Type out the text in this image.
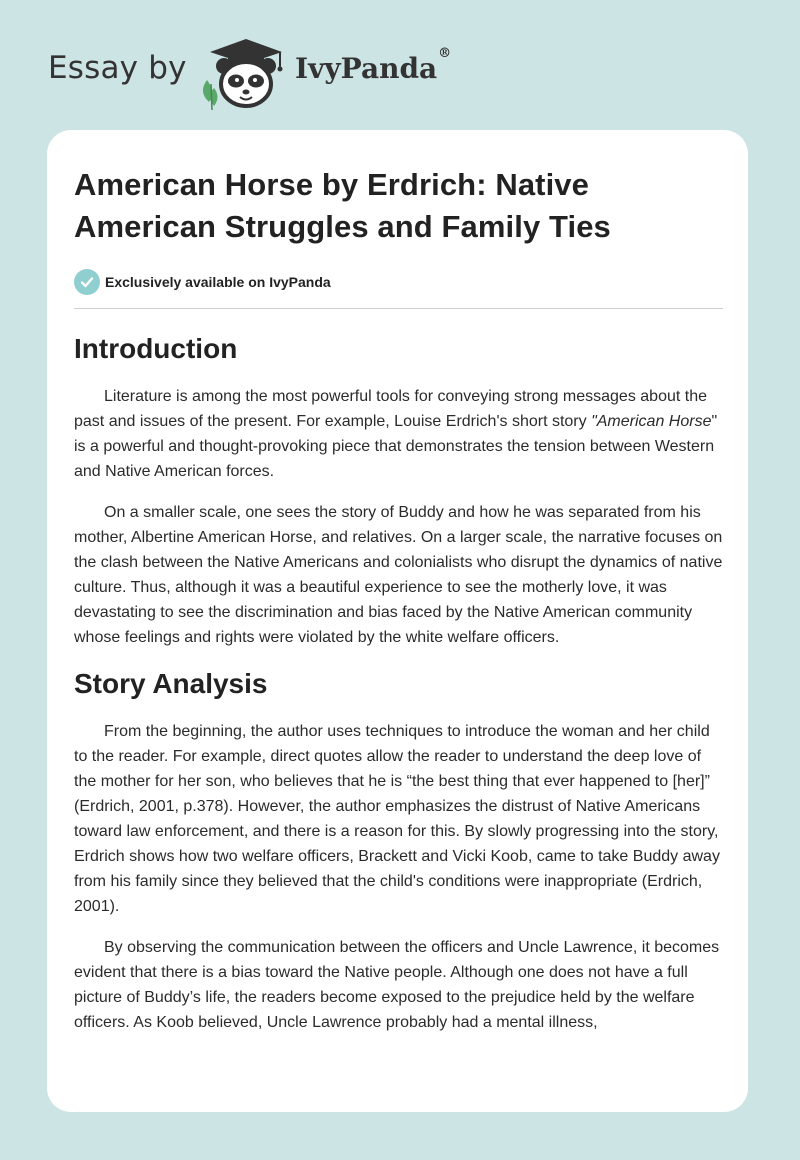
Essay by	IvyPanda®
American Horse by Erdrich: Native American Struggles and Family Ties
Exclusively available on IvyPanda
Introduction

Literature is among the most powerful tools for conveying strong messages about the past and issues of the present. For example, Louise Erdrich's short story "American Horse" is a powerful and thought-provoking piece that demonstrates the tension between Western and Native American forces.

On a smaller scale, one sees the story of Buddy and how he was separated from his mother, Albertine American Horse, and relatives. On a larger scale, the narrative focuses on the clash between the Native Americans and colonialists who disrupt the dynamics of native culture. Thus, although it was a beautiful experience to see the motherly love, it was devastating to see the discrimination and bias faced by the Native American community whose feelings and rights were violated by the white welfare officers.

Story Analysis

From the beginning, the author uses techniques to introduce the woman and her child to the reader. For example, direct quotes allow the reader to understand the deep love of the mother for her son, who believes that he is “the best thing that ever happened to [her]” (Erdrich, 2001, p.378). However, the author emphasizes the distrust of Native Americans toward law enforcement, and there is a reason for this. By slowly progressing into the story, Erdrich shows how two welfare officers, Brackett and Vicki Koob, came to take Buddy away from his family since they believed that the child's conditions were inappropriate (Erdrich, 2001).

By observing the communication between the officers and Uncle Lawrence, it becomes evident that there is a bias toward the Native people. Although one does not have a full picture of Buddy’s life, the readers become exposed to the prejudice held by the welfare officers. As Koob believed, Uncle Lawrence probably had a mental illness,
